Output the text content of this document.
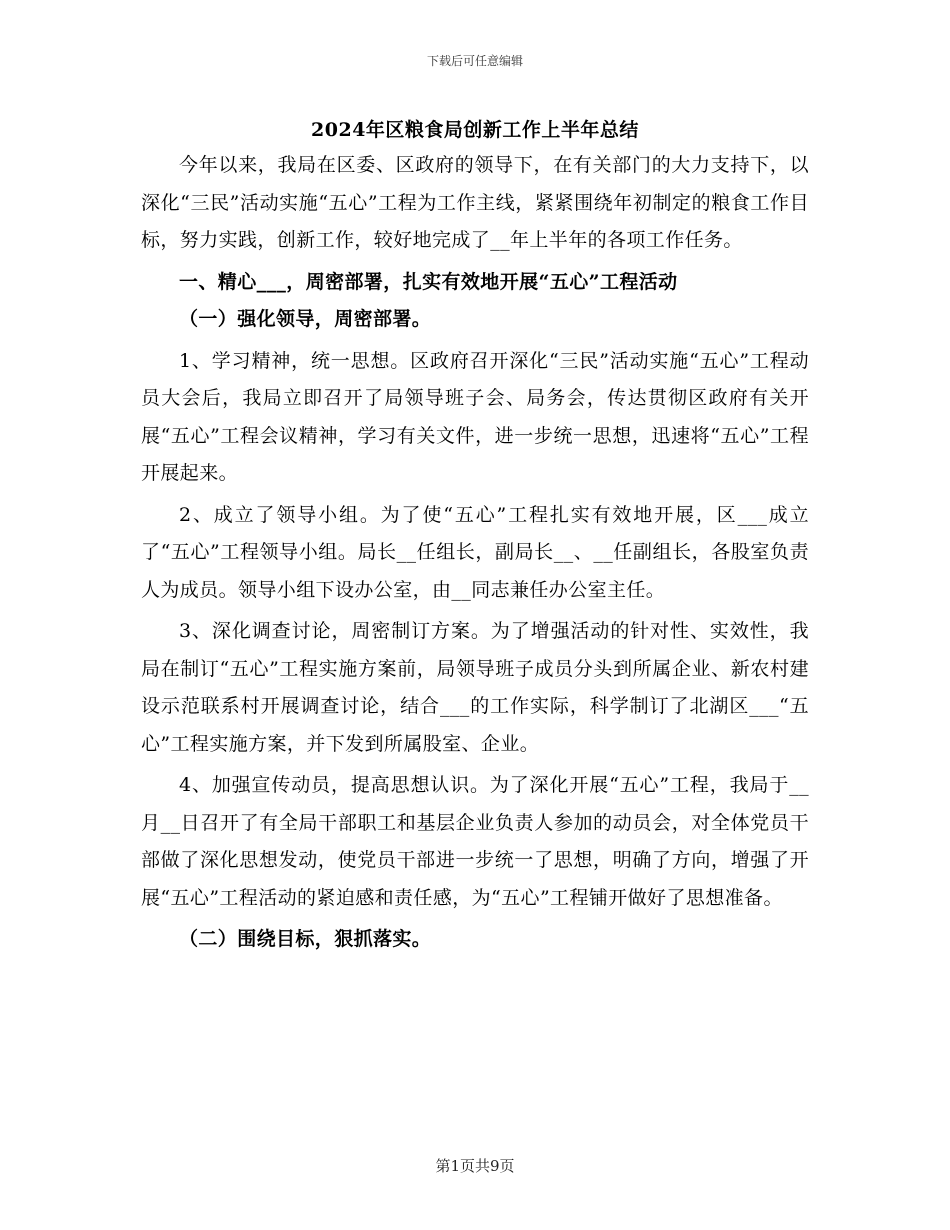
下载后可任意编辑
2024年区粮食局创新工作上半年总结

今年以来，我局在区委、区政府的领导下，在有关部门的大力支持下，以深化“三民”活动实施“五心”工程为工作主线，紧紧围绕年初制定的粮食工作目标，努力实践，创新工作，较好地完成了__年上半年的各项工作任务。

一、精心___，周密部署，扎实有效地开展“五心”工程活动

（一）强化领导，周密部署。

1、学习精神，统一思想。区政府召开深化“三民”活动实施“五心”工程动员大会后，我局立即召开了局领导班子会、局务会，传达贯彻区政府有关开展“五心”工程会议精神，学习有关文件，进一步统一思想，迅速将“五心”工程开展起来。

2、成立了领导小组。为了使“五心”工程扎实有效地开展，区___成立了“五心”工程领导小组。局长__任组长，副局长__、__任副组长，各股室负责人为成员。领导小组下设办公室，由__同志兼任办公室主任。

3、深化调查讨论，周密制订方案。为了增强活动的针对性、实效性，我局在制订“五心”工程实施方案前，局领导班子成员分头到所属企业、新农村建设示范联系村开展调查讨论，结合___的工作实际，科学制订了北湖区___“五心”工程实施方案，并下发到所属股室、企业。

4、加强宣传动员，提高思想认识。为了深化开展“五心”工程，我局于__月__日召开了有全局干部职工和基层企业负责人参加的动员会，对全体党员干部做了深化思想发动，使党员干部进一步统一了思想，明确了方向，增强了开展“五心”工程活动的紧迫感和责任感，为“五心”工程铺开做好了思想准备。

（二）围绕目标，狠抓落实。

第1页共9页
